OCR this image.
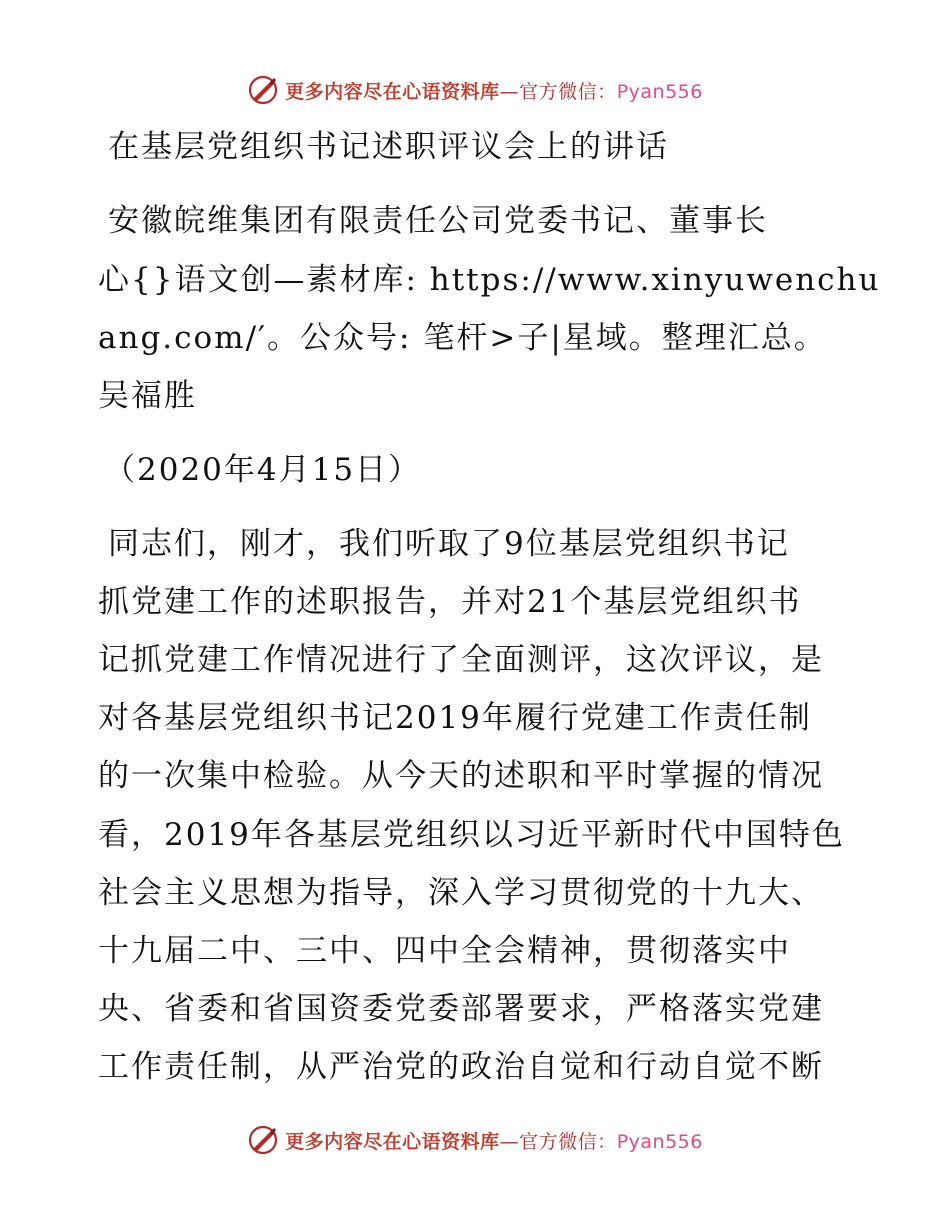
更多内容尽在心语资料库—官方微信：Pyan556
在基层党组织书记述职评议会上的讲话
安徽皖维集团有限责任公司党委书记、董事长
心{}语文创—素材库: https://www.xinyuwenchu
ang.com/′。公众号: 笔杆>子|星域。整理汇总。
吴福胜
（2020年4月15日）
同志们，刚才，我们听取了9位基层党组织书记
抓党建工作的述职报告，并对21个基层党组织书
记抓党建工作情况进行了全面测评，这次评议，是
对各基层党组织书记2019年履行党建工作责任制
的一次集中检验。从今天的述职和平时掌握的情况
看，2019年各基层党组织以习近平新时代中国特色
社会主义思想为指导，深入学习贯彻党的十九大、
十九届二中、三中、四中全会精神，贯彻落实中
央、省委和省国资委党委部署要求，严格落实党建
工作责任制，从严治党的政治自觉和行动自觉不断
更多内容尽在心语资料库—官方微信：Pyan556
